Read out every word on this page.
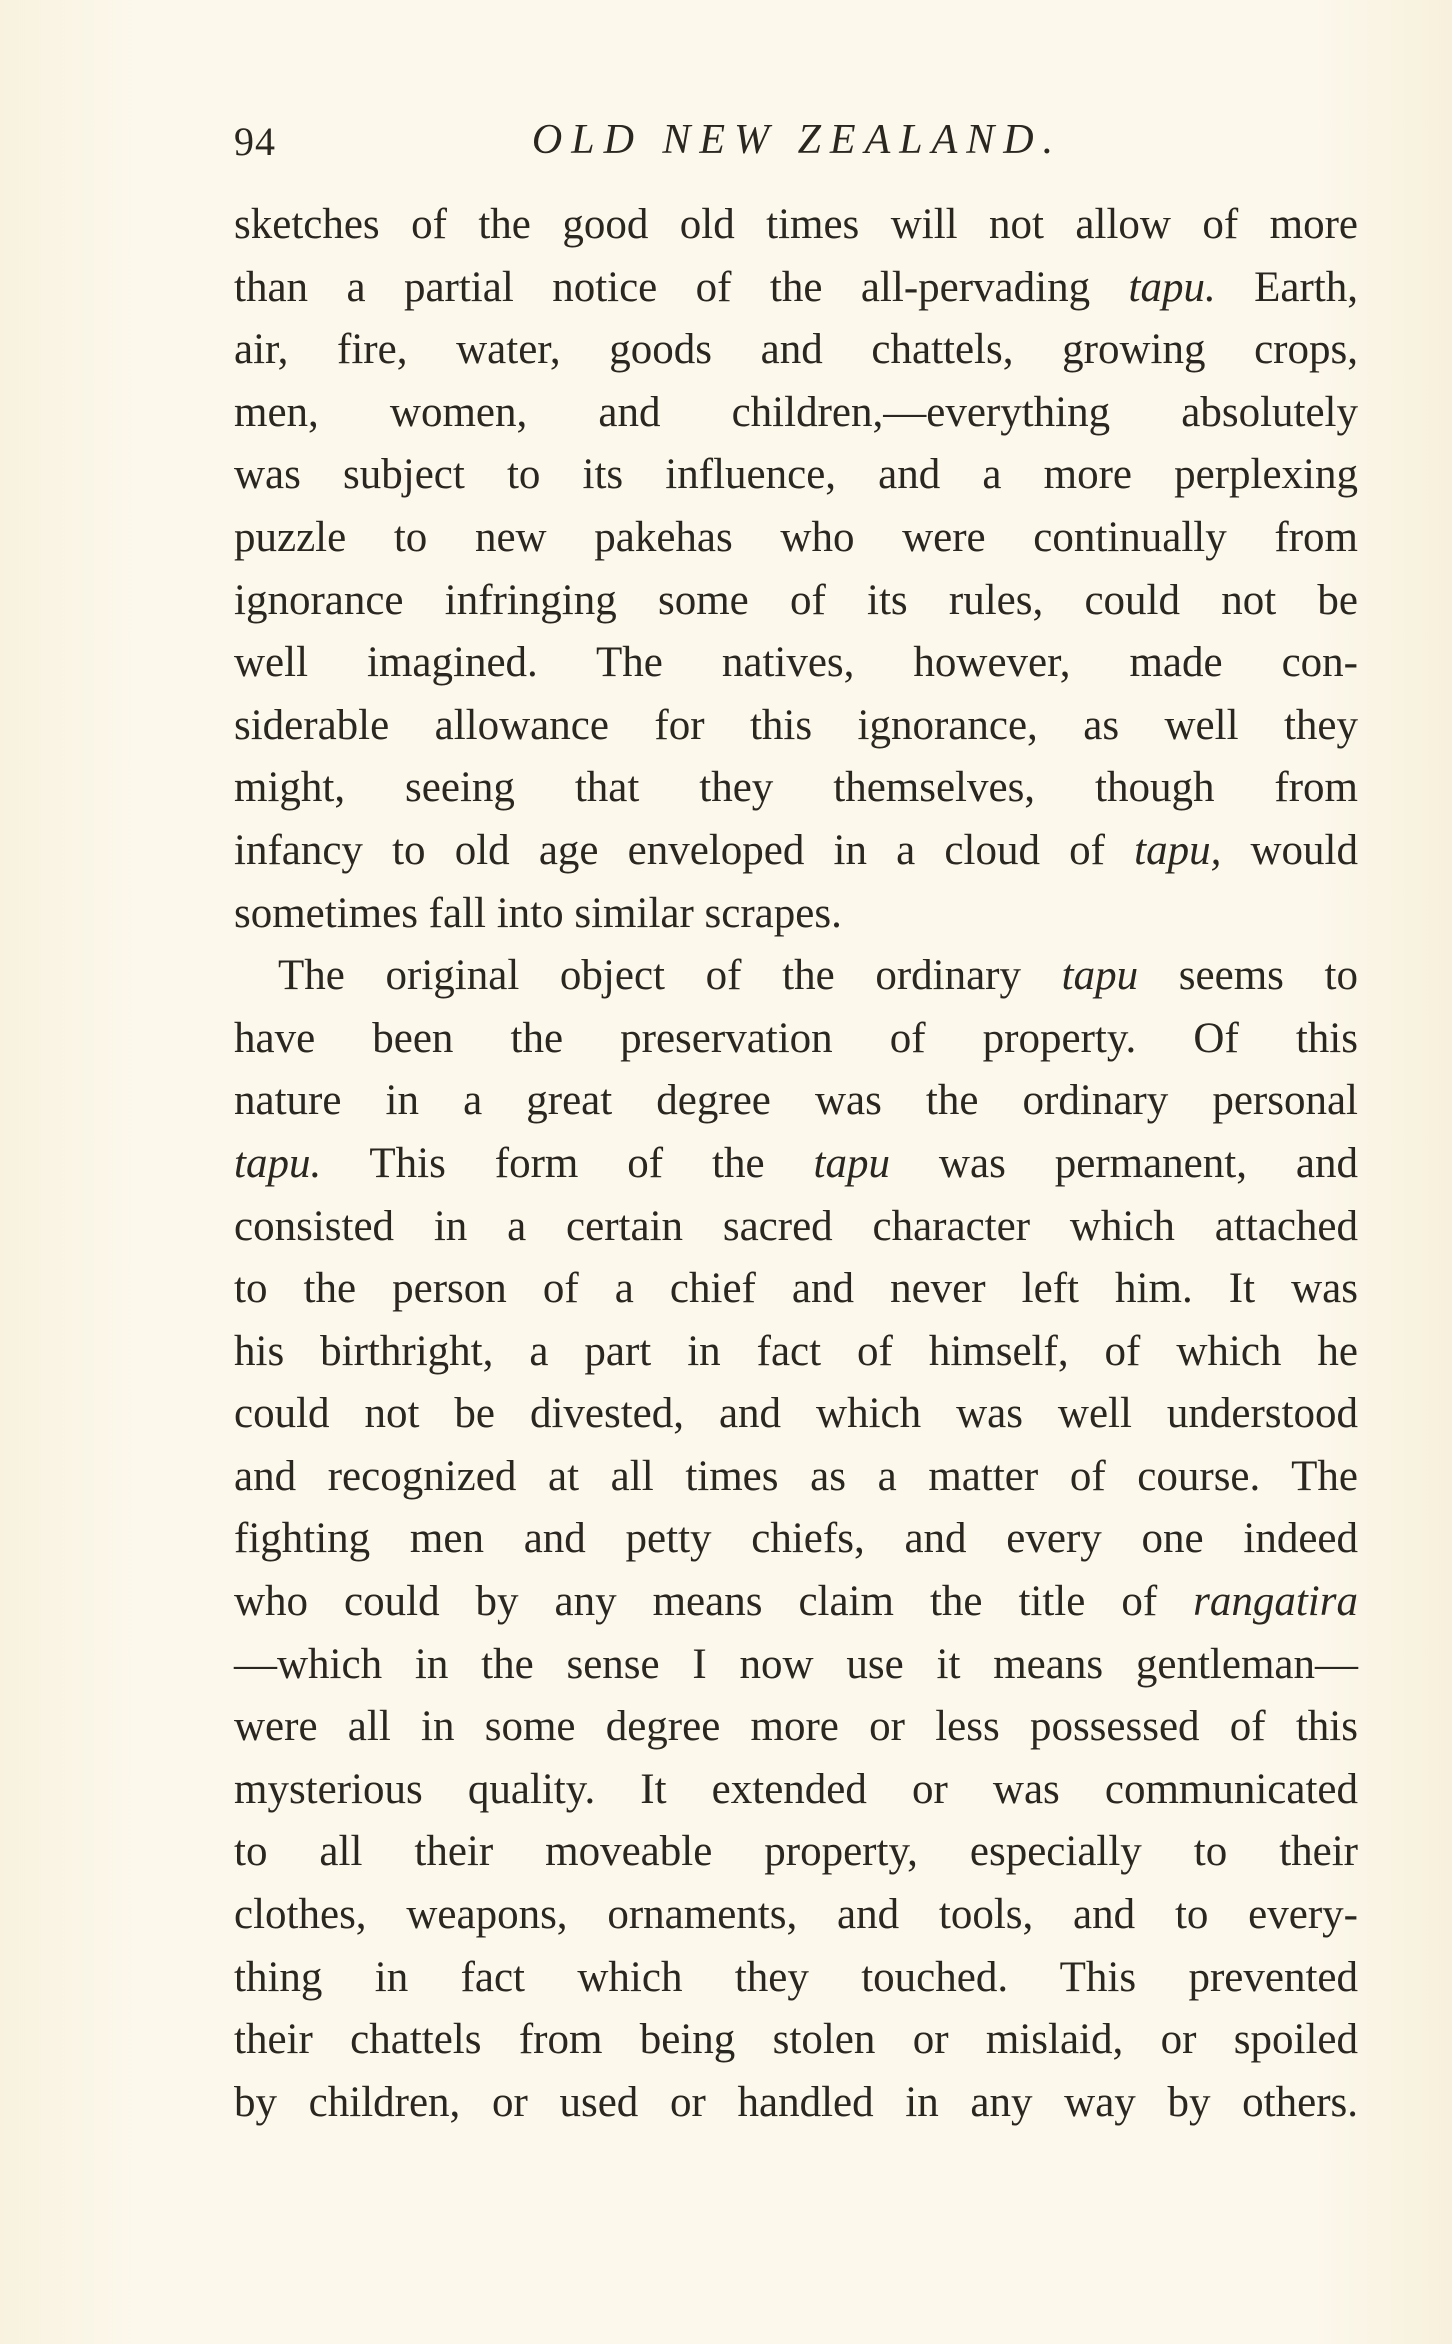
94	OLD NEW ZEALAND.
sketches of the good old times will not allow of more
than a partial notice of the all-pervading tapu. Earth,
air, fire, water, goods and chattels, growing crops,
men, women, and children,—everything absolutely
was subject to its influence, and a more perplexing
puzzle to new pakehas who were continually from
ignorance infringing some of its rules, could not be
well imagined. The natives, however, made con-
siderable allowance for this ignorance, as well they
might, seeing that they themselves, though from
infancy to old age enveloped in a cloud of tapu, would
sometimes fall into similar scrapes.
The original object of the ordinary tapu seems to
have been the preservation of property. Of this
nature in a great degree was the ordinary personal
tapu. This form of the tapu was permanent, and
consisted in a certain sacred character which attached
to the person of a chief and never left him. It was
his birthright, a part in fact of himself, of which he
could not be divested, and which was well understood
and recognized at all times as a matter of course. The
fighting men and petty chiefs, and every one indeed
who could by any means claim the title of rangatira
—which in the sense I now use it means gentleman—
were all in some degree more or less possessed of this
mysterious quality. It extended or was communicated
to all their moveable property, especially to their
clothes, weapons, ornaments, and tools, and to every-
thing in fact which they touched. This prevented
their chattels from being stolen or mislaid, or spoiled
by children, or used or handled in any way by others.
